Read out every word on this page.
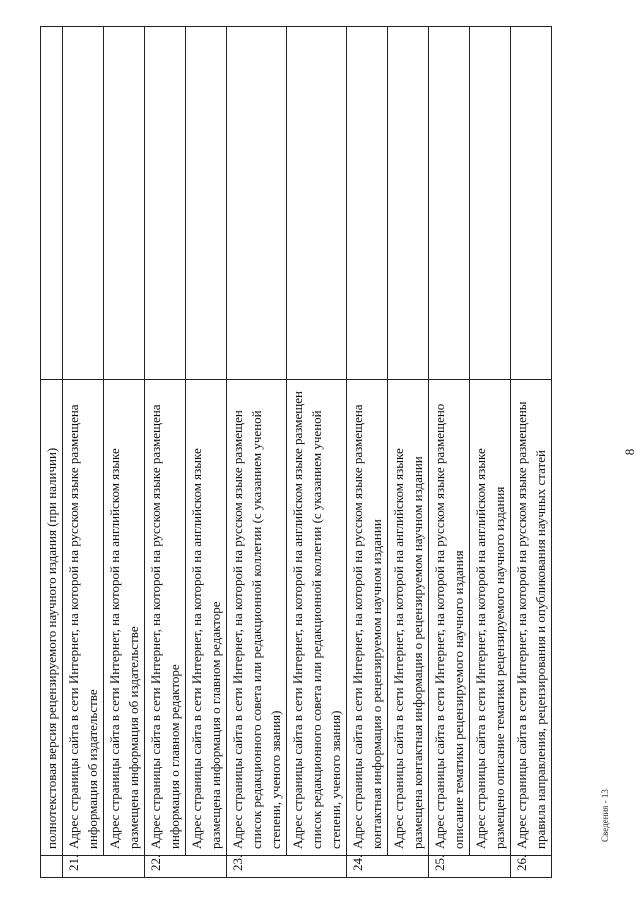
	полнотекстовая версия рецензируемого научного издания (при наличии)	
21.	Адрес страницы сайта в сети Интернет, на которой на русском языке размещена информация об издательстве	
	Адрес страницы сайта в сети Интернет, на которой на английском языке размещена информация об издательстве	
22.	Адрес страницы сайта в сети Интернет, на которой на русском языке размещена информация о главном редакторе	
	Адрес страницы сайта в сети Интернет, на которой на английском языке размещена информация о главном редакторе	
23.	Адрес страницы сайта в сети Интернет, на которой на русском языке размещен список редакционного совета или редакционной коллегии (с указанием ученой степени, ученого звания)	
	Адрес страницы сайта в сети Интернет, на которой на английском языке размещен список редакционного совета или редакционной коллегии (с указанием ученой степени, ученого звания)	
24.	Адрес страницы сайта в сети Интернет, на которой на русском языке размещена контактная информация о рецензируемом научном издании	
	Адрес страницы сайта в сети Интернет, на которой на английском языке размещена контактная информация о рецензируемом научном издании	
25.	Адрес страницы сайта в сети Интернет, на которой на русском языке размещено описание тематики рецензируемого научного издания	
	Адрес страницы сайта в сети Интернет, на которой на английском языке размещено описание тематики рецензируемого научного издания	
26.	Адрес страницы сайта в сети Интернет, на которой на русском языке размещены правила направления, рецензирования и опубликования научных статей		8
Сведения - 13
